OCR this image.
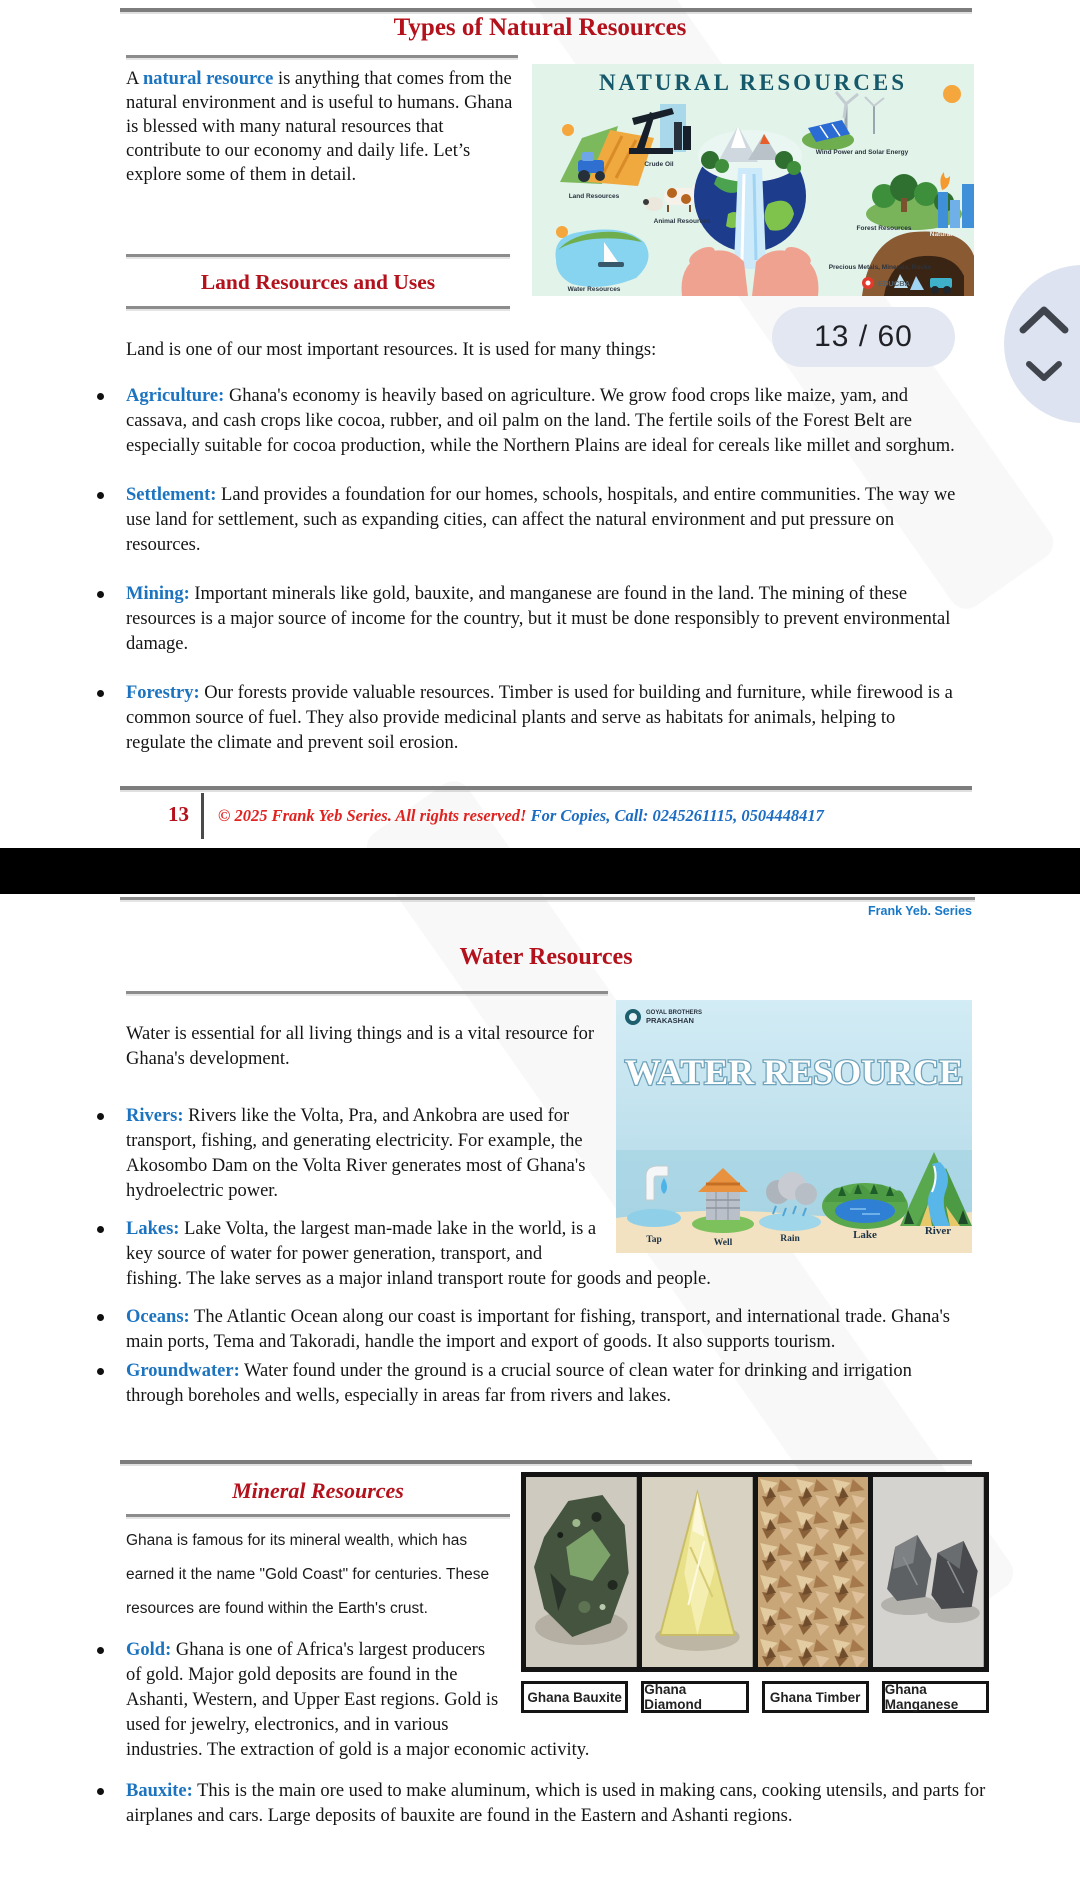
Types of Natural Resources

A natural resource is anything that comes from the natural environment and is useful to humans. Ghana is blessed with many natural resources that contribute to our economy and daily life. Let’s explore some of them in detail.

NATURAL RESOURCES
Crude Oil
Land Resources
Animal Resources
Water Resources
Wind Power and Solar Energy
Forest Resources
Natural Gas
Precious Metals, Minerals, Rocks
EDUCBA
Land Resources and Uses

Land is one of our most important resources. It is used for many things:

Agriculture: Ghana's economy is heavily based on agriculture. We grow food crops like maize, yam, and cassava, and cash crops like cocoa, rubber, and oil palm on the land. The fertile soils of the Forest Belt are especially suitable for cocoa production, while the Northern Plains are ideal for cereals like millet and sorghum.
Settlement: Land provides a foundation for our homes, schools, hospitals, and entire communities. The way we use land for settlement, such as expanding cities, can affect the natural environment and put pressure on resources.
Mining: Important minerals like gold, bauxite, and manganese are found in the land. The mining of these resources is a major source of income for the country, but it must be done responsibly to prevent environmental damage.
Forestry: Our forests provide valuable resources. Timber is used for building and furniture, while firewood is a common source of fuel. They also provide medicinal plants and serve as habitats for animals, helping to regulate the climate and prevent soil erosion.
13	© 2025 Frank Yeb Series. All rights reserved! For Copies, Call: 0245261115, 0504448417
Frank Yeb. Series
Water Resources
GOYAL BROTHERS
PRAKASHAN
WATER RESOURCE
Tap	Well	Rain	Lake	River

Water is essential for all living things and is a vital resource for Ghana's development.

Rivers: Rivers like the Volta, Pra, and Ankobra are used for transport, fishing, and generating electricity. For example, the Akosombo Dam on the Volta River generates most of Ghana's hydroelectric power.
Lakes: Lake Volta, the largest man-made lake in the world, is a key source of water for power generation, transport, and fishing. The lake serves as a major inland transport route for goods and people.
Oceans: The Atlantic Ocean along our coast is important for fishing, transport, and international trade. Ghana's main ports, Tema and Takoradi, handle the import and export of goods. It also supports tourism.
Groundwater: Water found under the ground is a crucial source of clean water for drinking and irrigation through boreholes and wells, especially in areas far from rivers and lakes.
Mineral Resources
Ghana Bauxite	Ghana Diamond	Ghana Timber	Ghana Manganese

Ghana is famous for its mineral wealth, which has earned it the name "Gold Coast" for centuries. These resources are found within the Earth's crust.

Gold: Ghana is one of Africa's largest producers of gold. Major gold deposits are found in the Ashanti, Western, and Upper East regions. Gold is used for jewelry, electronics, and in various industries. The extraction of gold is a major economic activity.
Bauxite: This is the main ore used to make aluminum, which is used in making cans, cooking utensils, and parts for airplanes and cars. Large deposits of bauxite are found in the Eastern and Ashanti regions.
13 / 60
